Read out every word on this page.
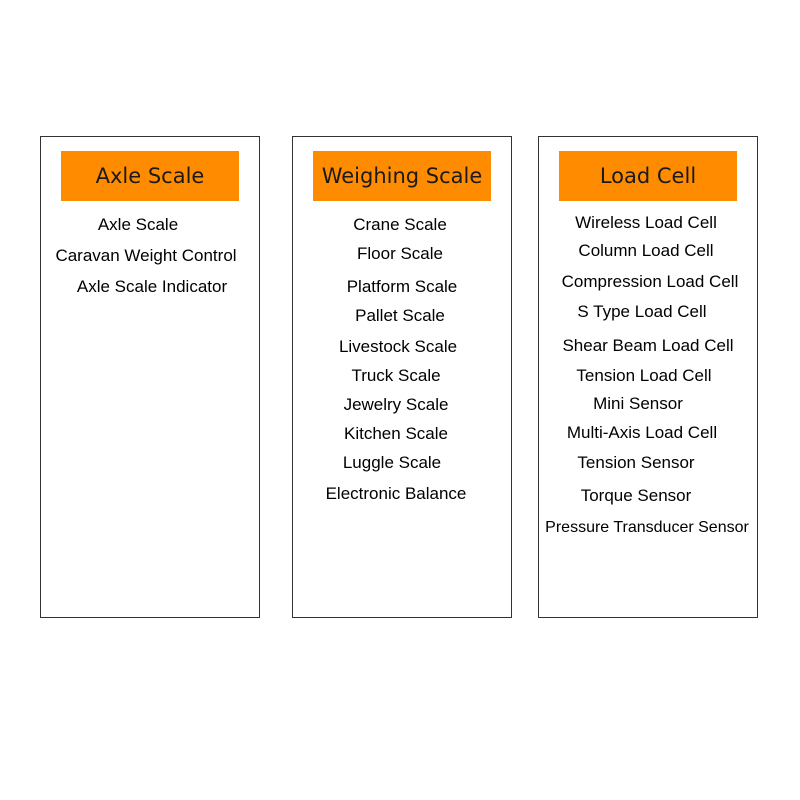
Axle Scale
Axle Scale
Caravan Weight Control
Axle Scale Indicator
Weighing Scale
Crane Scale
Floor Scale
Platform Scale
Pallet Scale
Livestock Scale
Truck Scale
Jewelry Scale
Kitchen Scale
Luggle Scale
Electronic Balance
Load Cell
Wireless Load Cell
Column Load Cell
Compression Load Cell
S Type Load Cell
Shear Beam Load Cell
Tension Load Cell
Mini Sensor
Multi-Axis Load Cell
Tension Sensor
Torque Sensor
Pressure Transducer Sensor
